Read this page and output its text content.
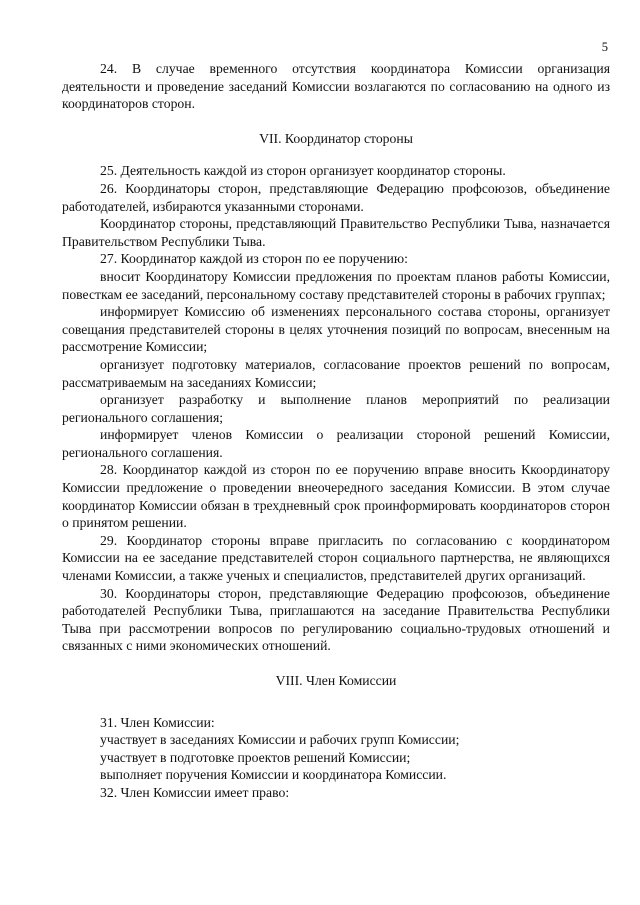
5

24. В случае временного отсутствия координатора Комиссии организация деятельности и проведение заседаний Комиссии возлагаются по согласованию на одного из координаторов сторон.

VII. Координатор стороны

25. Деятельность каждой из сторон организует координатор стороны.

26. Координаторы сторон, представляющие Федерацию профсоюзов, объединение работодателей, избираются указанными сторонами.

Координатор стороны, представляющий Правительство Республики Тыва, назначается Правительством Республики Тыва.

27. Координатор каждой из сторон по ее поручению:

вносит Координатору Комиссии предложения по проектам планов работы Комиссии, повесткам ее заседаний, персональному составу представителей стороны в рабочих группах;

информирует Комиссию об изменениях персонального состава стороны, организует совещания представителей стороны в целях уточнения позиций по вопросам, внесенным на рассмотрение Комиссии;

организует подготовку материалов, согласование проектов решений по вопросам, рассматриваемым на заседаниях Комиссии;

организует разработку и выполнение планов мероприятий по реализации регионального соглашения;

информирует членов Комиссии о реализации стороной решений Комиссии, регионального соглашения.

28. Координатор каждой из сторон по ее поручению вправе вносить Ккоординатору Комиссии предложение о проведении внеочередного заседания Комиссии. В этом случае координатор Комиссии обязан в трехдневный срок проинформировать координаторов сторон о принятом решении.

29. Координатор стороны вправе пригласить по согласованию с координатором Комиссии на ее заседание представителей сторон социального партнерства, не являющихся членами Комиссии, а также ученых и специалистов, представителей других организаций.

30. Координаторы сторон, представляющие Федерацию профсоюзов, объединение работодателей Республики Тыва, приглашаются на заседание Правительства Республики Тыва при рассмотрении вопросов по регулированию социально-трудовых отношений и связанных с ними экономических отношений.

VIII. Член Комиссии

31. Член Комиссии:

участвует в заседаниях Комиссии и рабочих групп Комиссии;

участвует в подготовке проектов решений Комиссии;

выполняет поручения Комиссии и координатора Комиссии.

32. Член Комиссии имеет право:
